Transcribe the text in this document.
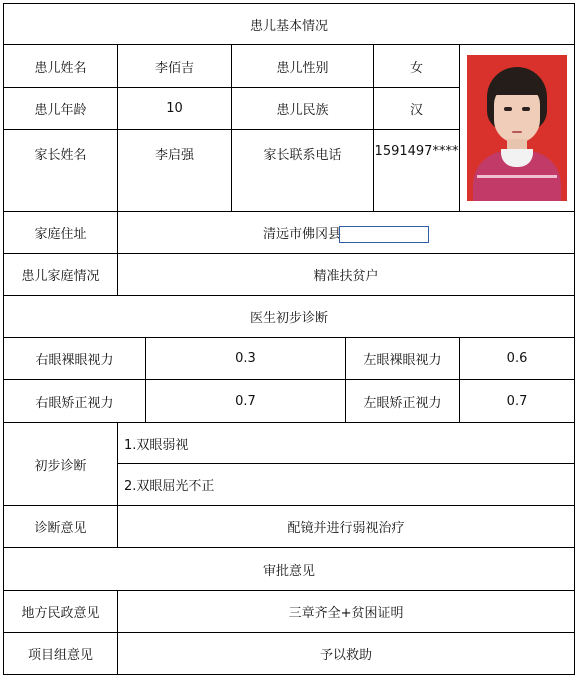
患儿基本情况						
患儿姓名	李佰吉		患儿性别		女	

患儿年龄	10		患儿民族		汉	
家长姓名	李启强		家长联系电话		1591497****	
家庭住址	清远市佛冈县					
患儿家庭情况	精准扶贫户					
医生初步诊断						
右眼裸眼视力		0.3		左眼裸眼视力		0.6
右眼矫正视力		0.7		左眼矫正视力		0.7
初步诊断	1.双眼弱视					
	2.双眼屈光不正					
诊断意见	配镜并进行弱视治疗					
审批意见						
地方民政意见	三章齐全+贫困证明					
项目组意见	予以救助					
